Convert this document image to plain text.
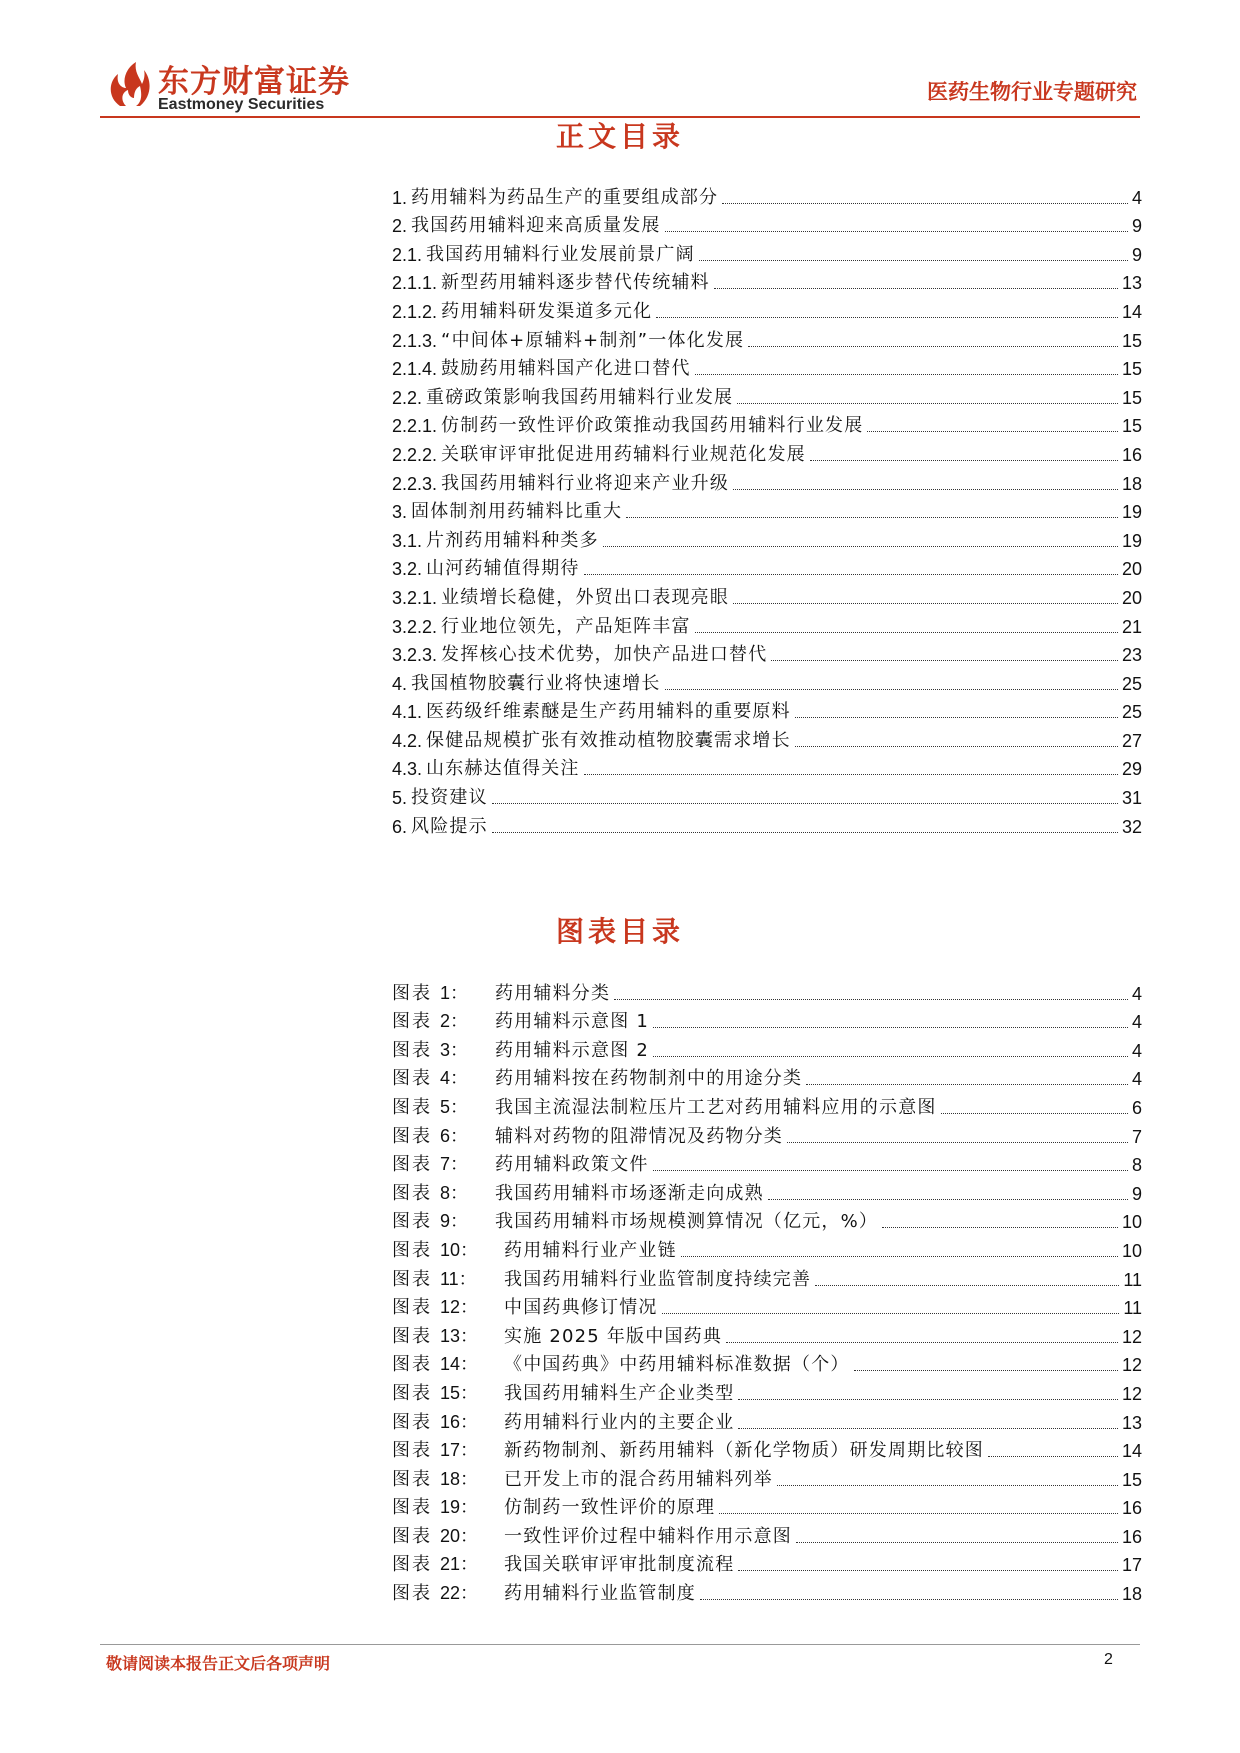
东方财富证券
Eastmoney Securities
医药生物行业专题研究
正文目录
1. 药用辅料为药品生产的重要组成部分	4
2. 我国药用辅料迎来高质量发展	9
2.1. 我国药用辅料行业发展前景广阔	9
2.1.1. 新型药用辅料逐步替代传统辅料	13
2.1.2. 药用辅料研发渠道多元化	14
2.1.3. “中间体+原辅料+制剂”一体化发展	15
2.1.4. 鼓励药用辅料国产化进口替代	15
2.2. 重磅政策影响我国药用辅料行业发展	15
2.2.1. 仿制药一致性评价政策推动我国药用辅料行业发展	15
2.2.2. 关联审评审批促进用药辅料行业规范化发展	16
2.2.3. 我国药用辅料行业将迎来产业升级	18
3. 固体制剂用药辅料比重大	19
3.1. 片剂药用辅料种类多	19
3.2. 山河药辅值得期待	20
3.2.1. 业绩增长稳健，外贸出口表现亮眼	20
3.2.2. 行业地位领先，产品矩阵丰富	21
3.2.3. 发挥核心技术优势，加快产品进口替代	23
4. 我国植物胶囊行业将快速增长	25
4.1. 医药级纤维素醚是生产药用辅料的重要原料	25
4.2. 保健品规模扩张有效推动植物胶囊需求增长	27
4.3. 山东赫达值得关注	29
5. 投资建议	31
6. 风险提示	32
图表目录
图表 1：	药用辅料分类	4
图表 2：	药用辅料示意图 1	4
图表 3：	药用辅料示意图 2	4
图表 4：	药用辅料按在药物制剂中的用途分类	4
图表 5：	我国主流湿法制粒压片工艺对药用辅料应用的示意图	6
图表 6：	辅料对药物的阻滞情况及药物分类	7
图表 7：	药用辅料政策文件	8
图表 8：	我国药用辅料市场逐渐走向成熟	9
图表 9：	我国药用辅料市场规模测算情况（亿元，%）	10
图表 10：	药用辅料行业产业链	10
图表 11：	我国药用辅料行业监管制度持续完善	11
图表 12：	中国药典修订情况	11
图表 13：	实施 2025 年版中国药典	12
图表 14：	《中国药典》中药用辅料标准数据（个）	12
图表 15：	我国药用辅料生产企业类型	12
图表 16：	药用辅料行业内的主要企业	13
图表 17：	新药物制剂、新药用辅料（新化学物质）研发周期比较图	14
图表 18：	已开发上市的混合药用辅料列举	15
图表 19：	仿制药一致性评价的原理	16
图表 20：	一致性评价过程中辅料作用示意图	16
图表 21：	我国关联审评审批制度流程	17
图表 22：	药用辅料行业监管制度	18
敬请阅读本报告正文后各项声明	2
